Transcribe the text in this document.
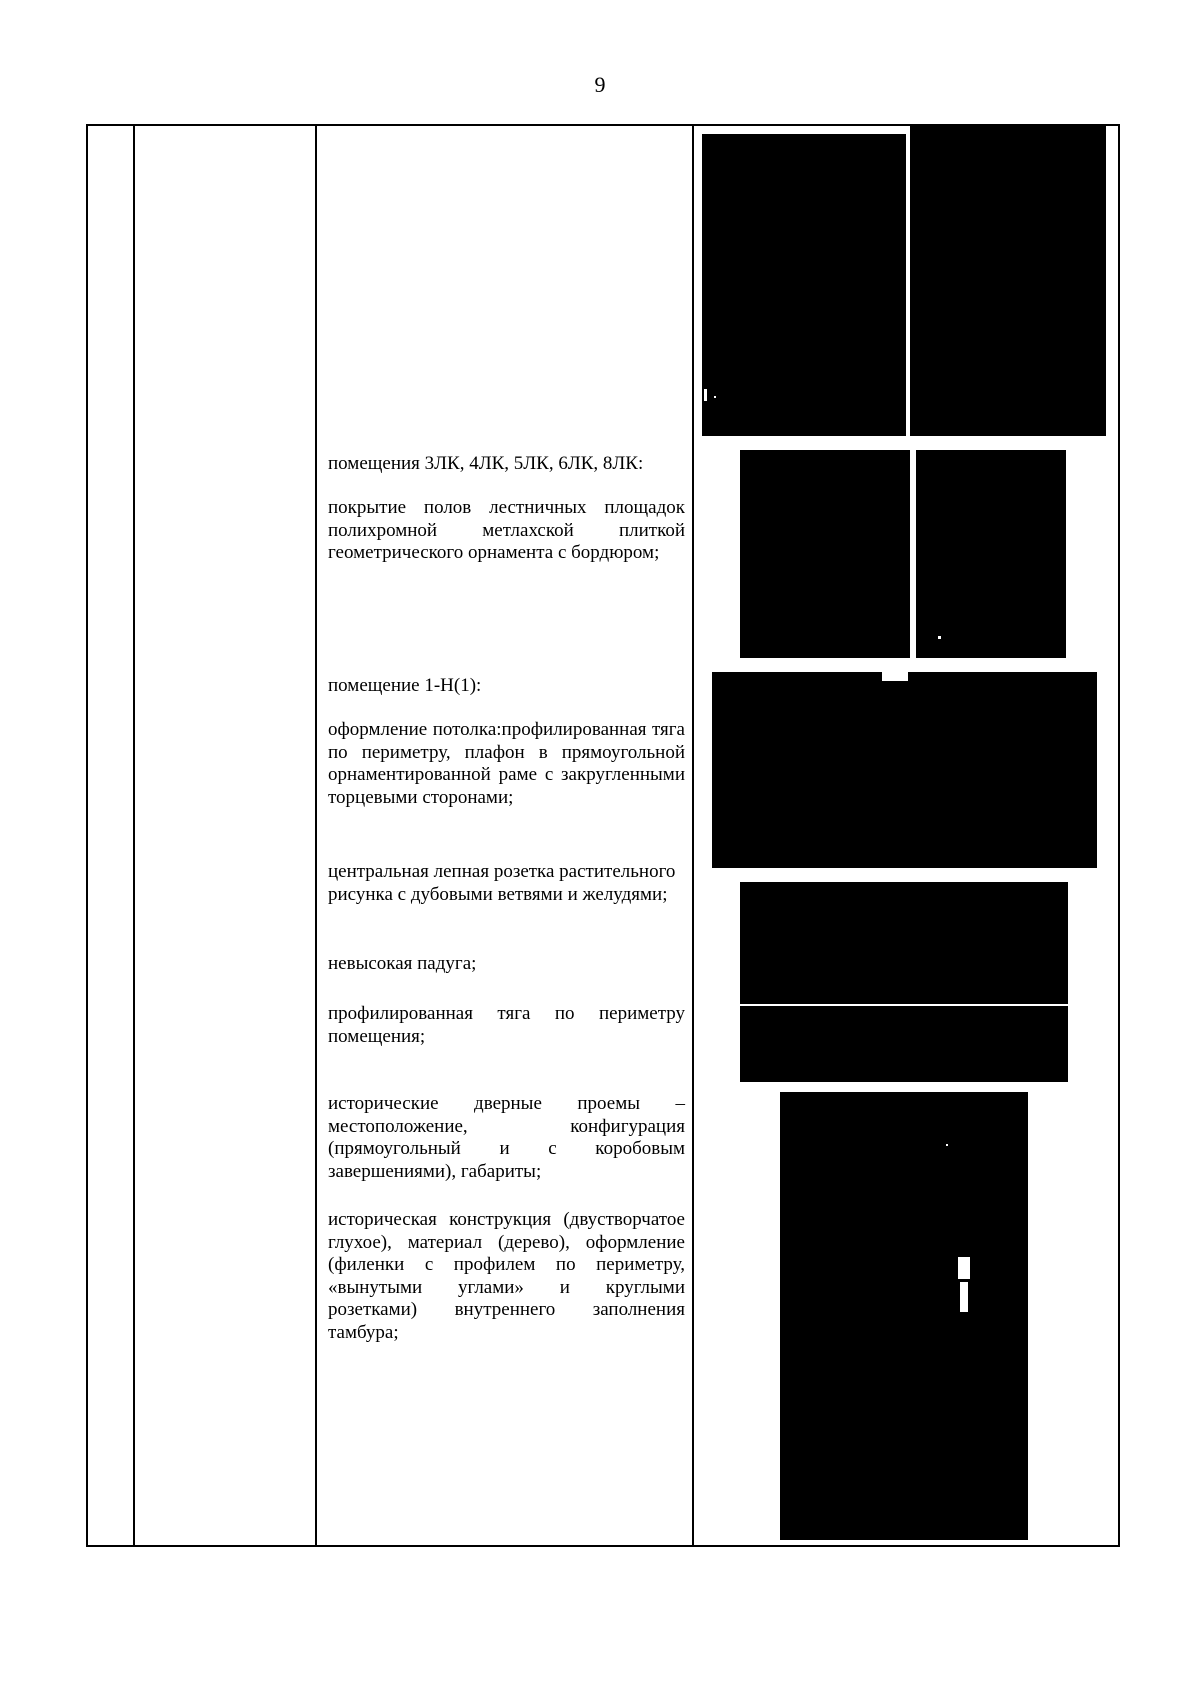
9

помещения 3ЛК, 4ЛК, 5ЛК, 6ЛК, 8ЛК:

покрытие полов лестничных площадок полихромной метлахской плиткой геометрического орнамента с бордюром;

помещение 1-Н(1):

оформление потолка:профилированная тяга по периметру, плафон в прямоугольной орнаментированной раме с закругленными торцевыми сторонами;

центральная лепная розетка растительного рисунка с дубовыми ветвями и желудями;

невысокая падуга;

профилированная тяга по периметру помещения;

исторические дверные проемы – местоположение, конфигурация (прямоугольный и с коробовым завершениями), габариты;

историческая конструкция (двустворчатое глухое), материал (дерево), оформление (филенки с профилем по периметру, «вынутыми углами» и круглыми розетками) внутреннего заполнения тамбура;
